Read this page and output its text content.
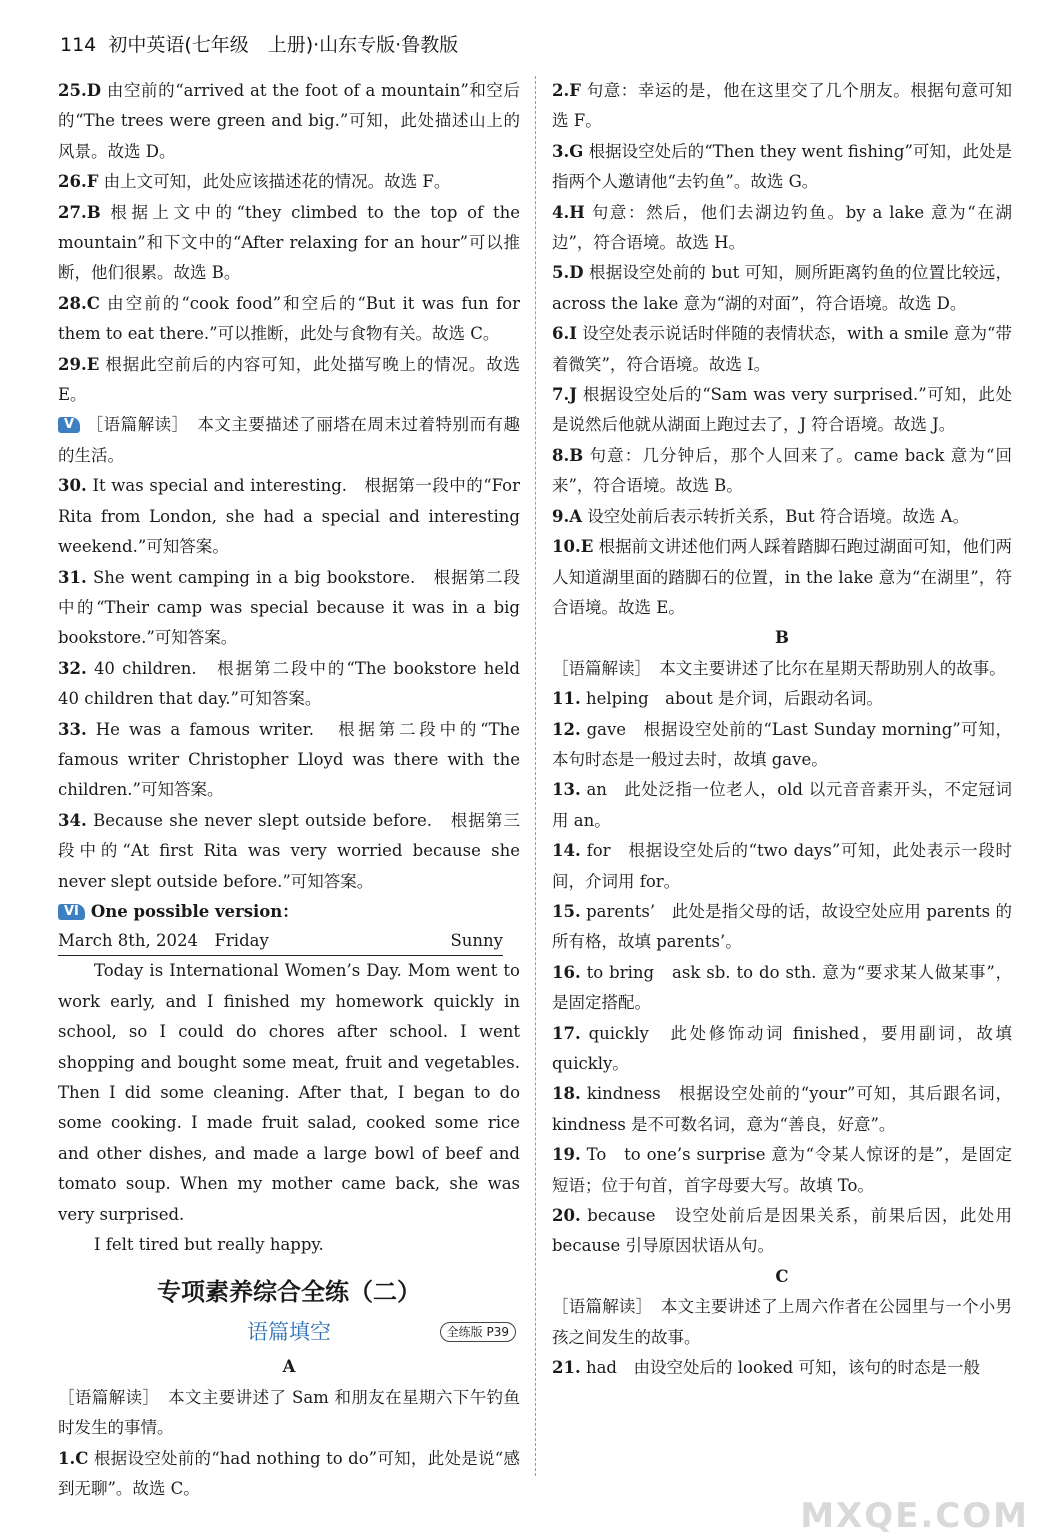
114 初中英语(七年级　上册)·山东专版·鲁教版

25.D 由空前的“arrived at the foot of a mountain”和空后的“The trees were green and big.”可知，此处描述山上的风景。故选 D。

26.F 由上文可知，此处应该描述花的情况。故选 F。

27.B 根据上文中的“they climbed to the top of the mountain”和下文中的“After relaxing for an hour”可以推断，他们很累。故选 B。

28.C 由空前的“cook food”和空后的“But it was fun for them to eat there.”可以推断，此处与食物有关。故选 C。

29.E 根据此空前后的内容可知，此处描写晚上的情况。故选 E。

V ［语篇解读］　本文主要描述了丽塔在周末过着特别而有趣的生活。

30. It was special and interesting.　根据第一段中的“For Rita from London, she had a special and interesting weekend.”可知答案。

31. She went camping in a big bookstore.　根据第二段中的“Their camp was special because it was in a big bookstore.”可知答案。

32. 40 children.　根据第二段中的“The bookstore held 40 children that day.”可知答案。

33. He was a famous writer.　根据第二段中的“The famous writer Christopher Lloyd was there with the children.”可知答案。

34. Because she never slept outside before.　根据第三段中的“At first Rita was very worried because she never slept outside before.”可知答案。

VI One possible version：

March 8th, 2024　Friday	Sunny

Today is International Women’s Day. Mom went to work early, and I finished my homework quickly in school, so I could do chores after school. I went shopping and bought some meat, fruit and vegetables. Then I did some cleaning. After that, I began to do some cooking. I made fruit salad, cooked some rice and other dishes, and made a large bowl of beef and tomato soup. When my mother came back, she was very surprised.

I felt tired but really happy.

专项素养综合全练（二）
语篇填空	全练版 P39
A

［语篇解读］　本文主要讲述了 Sam 和朋友在星期六下午钓鱼时发生的事情。

1.C 根据设空处前的“had nothing to do”可知，此处是说“感到无聊”。故选 C。

2.F 句意：幸运的是，他在这里交了几个朋友。根据句意可知选 F。

3.G 根据设空处后的“Then they went fishing”可知，此处是指两个人邀请他“去钓鱼”。故选 G。

4.H 句意：然后，他们去湖边钓鱼。by a lake 意为“在湖边”，符合语境。故选 H。

5.D 根据设空处前的 but 可知，厕所距离钓鱼的位置比较远，across the lake 意为“湖的对面”，符合语境。故选 D。

6.I 设空处表示说话时伴随的表情状态，with a smile 意为“带着微笑”，符合语境。故选 I。

7.J 根据设空处后的“Sam was very surprised.”可知，此处是说然后他就从湖面上跑过去了，J 符合语境。故选 J。

8.B 句意：几分钟后，那个人回来了。came back 意为“回来”，符合语境。故选 B。

9.A 设空处前后表示转折关系，But 符合语境。故选 A。

10.E 根据前文讲述他们两人踩着踏脚石跑过湖面可知，他们两人知道湖里面的踏脚石的位置，in the lake 意为“在湖里”，符合语境。故选 E。

B

［语篇解读］　本文主要讲述了比尔在星期天帮助别人的故事。

11. helping　about 是介词，后跟动名词。

12. gave　根据设空处前的“Last Sunday morning”可知，本句时态是一般过去时，故填 gave。

13. an　此处泛指一位老人，old 以元音音素开头，不定冠词用 an。

14. for　根据设空处后的“two days”可知，此处表示一段时间，介词用 for。

15. parents’　此处是指父母的话，故设空处应用 parents 的所有格，故填 parents’。

16. to bring　ask sb. to do sth. 意为“要求某人做某事”，是固定搭配。

17. quickly　此处修饰动词 finished，要用副词，故填 quickly。

18. kindness　根据设空处前的“your”可知，其后跟名词，kindness 是不可数名词，意为“善良，好意”。

19. To　to one’s surprise 意为“令某人惊讶的是”，是固定短语；位于句首，首字母要大写。故填 To。

20. because　设空处前后是因果关系，前果后因，此处用 because 引导原因状语从句。

C

［语篇解读］　本文主要讲述了上周六作者在公园里与一个小男孩之间发生的故事。

21. had　由设空处后的 looked 可知，该句的时态是一般

MXQE.COM
